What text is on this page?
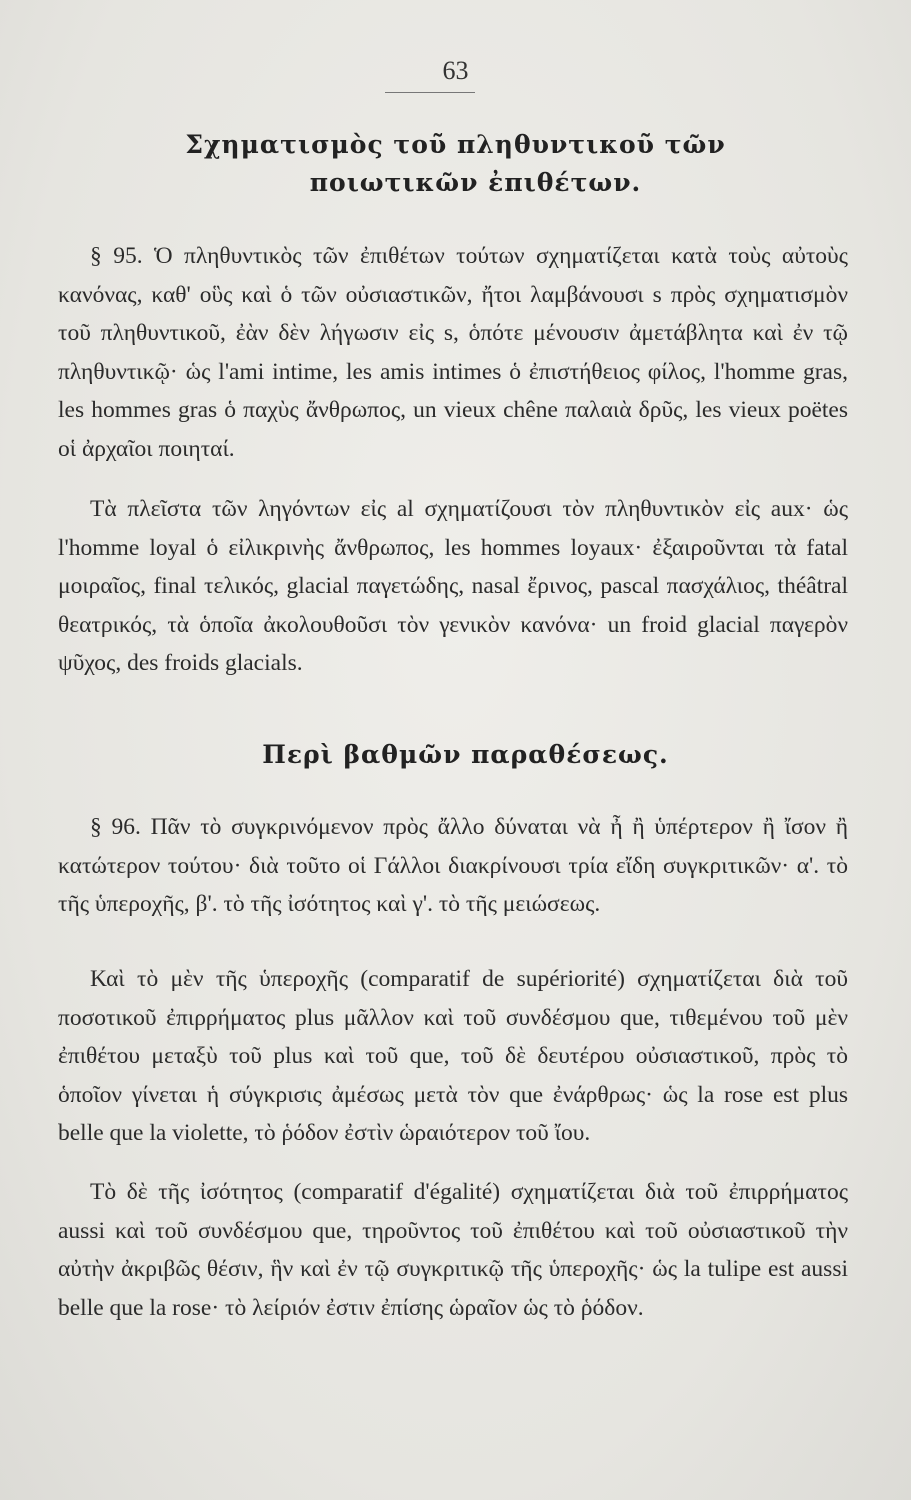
63
Σχηματισμὸς τοῦ πληθυντικοῦ τῶν
ποιωτικῶν ἐπιθέτων.

§ 95. Ὁ πληθυντικὸς τῶν ἐπιθέτων τούτων σχηματίζεται κατὰ τοὺς αὐτοὺς κανόνας, καθ' οὓς καὶ ὁ τῶν οὐσιαστικῶν, ἤτοι λαμβάνουσι s πρὸς σχηματισμὸν τοῦ πληθυντικοῦ, ἐὰν δὲν λήγωσιν εἰς s, ὁπότε μένουσιν ἀμετάβλητα καὶ ἐν τῷ πληθυντικῷ· ὡς l'ami intime, les amis intimes ὁ ἐπιστήθειος φίλος, l'homme gras, les hommes gras ὁ παχὺς ἄνθρωπος, un vieux chêne παλαιὰ δρῦς, les vieux poëtes οἱ ἀρχαῖοι ποιηταί.

Τὰ πλεῖστα τῶν ληγόντων εἰς al σχηματίζουσι τὸν πληθυντικὸν εἰς aux· ὡς l'homme loyal ὁ εἰλικρινὴς ἄνθρωπος, les hommes loyaux· ἐξαιροῦνται τὰ fatal μοιραῖος, final τελικός, glacial παγετώδης, nasal ἔρινος, pascal πασχάλιος, théâtral θεατρικός, τὰ ὁποῖα ἀκολουθοῦσι τὸν γενικὸν κανόνα· un froid glacial παγερὸν ψῦχος, des froids glacials.

Περὶ βαθμῶν παραθέσεως.

§ 96. Πᾶν τὸ συγκρινόμενον πρὸς ἄλλο δύναται νὰ ἦ ἢ ὑπέρτερον ἢ ἴσον ἢ κατώτερον τούτου· διὰ τοῦτο οἱ Γάλλοι διακρίνουσι τρία εἴδη συγκριτικῶν· α'. τὸ τῆς ὑπεροχῆς, β'. τὸ τῆς ἰσότητος καὶ γ'. τὸ τῆς μειώσεως.

Καὶ τὸ μὲν τῆς ὑπεροχῆς (comparatif de supériorité) σχηματίζεται διὰ τοῦ ποσοτικοῦ ἐπιρρήματος plus μᾶλλον καὶ τοῦ συνδέσμου que, τιθεμένου τοῦ μὲν ἐπιθέτου μεταξὺ τοῦ plus καὶ τοῦ que, τοῦ δὲ δευτέρου οὐσιαστικοῦ, πρὸς τὸ ὁποῖον γίνεται ἡ σύγκρισις ἀμέσως μετὰ τὸν que ἐνάρθρως· ὡς la rose est plus belle que la violette, τὸ ῥόδον ἐστὶν ὡραιότερον τοῦ ἴου.

Τὸ δὲ τῆς ἰσότητος (comparatif d'égalité) σχηματίζεται διὰ τοῦ ἐπιρρήματος aussi καὶ τοῦ συνδέσμου que, τηροῦντος τοῦ ἐπιθέτου καὶ τοῦ οὐσιαστικοῦ τὴν αὐτὴν ἀκριβῶς θέσιν, ἣν καὶ ἐν τῷ συγκριτικῷ τῆς ὑπεροχῆς· ὡς la tulipe est aussi belle que la rose· τὸ λείριόν ἐστιν ἐπίσης ὡραῖον ὡς τὸ ῥόδον.
